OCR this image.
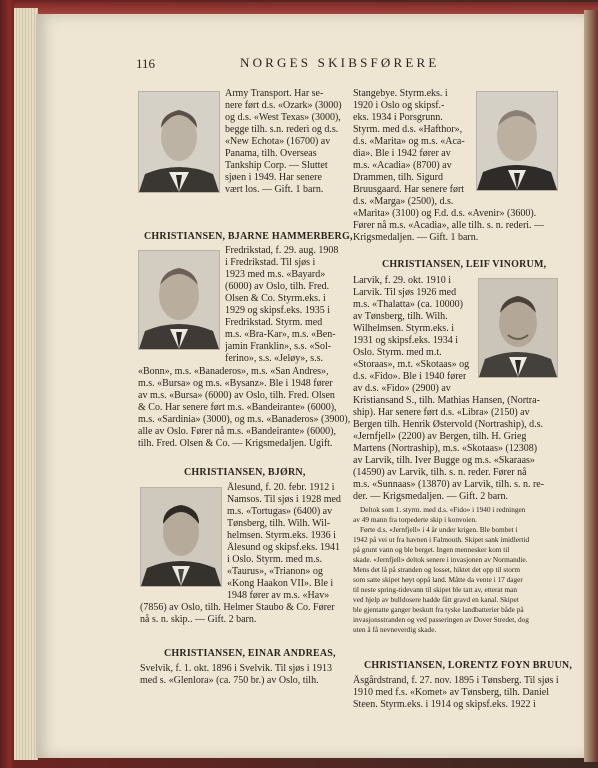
116	NORGES SKIBSFØRERE
Army Transport. Har se-
nere ført d.s. «Ozark» (3000)
og d.s. «West Texas» (3000),
begge tilh. s.n. rederi og d.s.
«New Echota» (16700) av
Panama, tilh. Overseas
Tankship Corp. — Sluttet
sjøen i 1949. Har senere
vært los. — Gift. 1 barn.
CHRISTIANSEN, BJARNE HAMMERBERG,
Fredrikstad, f. 29. aug. 1908
i Fredrikstad. Til sjøs i
1923 med m.s. «Bayard»
(6000) av Oslo, tilh. Fred.
Olsen & Co. Styrm.eks. i
1929 og skipsf.eks. 1935 i
Fredrikstad. Styrm. med
m.s. «Bra-Kar», m.s. «Ben-
jamin Franklin», s.s. «Sol-
ferino», s.s. «Jeløy», s.s.
«Bonn», m.s. «Banaderos», m.s. «San Andres»,
m.s. «Bursa» og m.s. «Bysanz». Ble i 1948 fører
av m.s. «Bursa» (6000) av Oslo, tilh. Fred. Olsen
& Co. Har senere ført m.s. «Bandeirante» (6000),
m.s. «Sardinia» (3000), og m.s. «Banaderos» (3900),
alle av Oslo. Fører nå m.s. «Bandeirante» (6000),
tilh. Fred. Olsen & Co. — Krigsmedaljen. Ugift.
CHRISTIANSEN, BJØRN,
Ålesund, f. 20. febr. 1912 i
Namsos. Til sjøs i 1928 med
m.s. «Tortugas» (6400) av
Tønsberg, tilh. Wilh. Wil-
helmsen. Styrm.eks. 1936 i
Ålesund og skipsf.eks. 1941
i Oslo. Styrm. med m.s.
«Taurus», «Trianon» og
«Kong Haakon VII». Ble i
1948 fører av m.s. «Hav»
(7856) av Oslo, tilh. Helmer Staubo & Co. Fører
nå s. n. skip.. — Gift. 2 barn.
CHRISTIANSEN, EINAR ANDREAS,
Svelvik, f. 1. okt. 1896 i Svelvik. Til sjøs i 1913
med s. «Glenlora» (ca. 750 br.) av Oslo, tilh.
Stangebye. Styrm.eks. i
1920 i Oslo og skipsf.-
eks. 1934 i Porsgrunn.
Styrm. med d.s. «Hafthor»,
d.s. «Marita» og m.s. «Aca-
dia». Ble i 1942 fører av
m.s. «Acadia» (8700) av
Drammen, tilh. Sigurd
Bruusgaard. Har senere ført
d.s. «Marga» (2500), d.s.
«Marita» (3100) og F.d. d.s. «Avenir» (3600).
Fører nå m.s. «Acadia», alle tilh. s. n. rederi. —
Krigsmedaljen. — Gift. 1 barn.
CHRISTIANSEN, LEIF VINORUM,
Larvik, f. 29. okt. 1910 i
Larvik. Til sjøs 1926 med
m.s. «Thalatta» (ca. 10000)
av Tønsberg, tilh. Wilh.
Wilhelmsen. Styrm.eks. i
1931 og skipsf.eks. 1934 i
Oslo. Styrm. med m.t.
«Storaas», m.t. «Skotaas» og
d.s. «Fido». Ble i 1940 fører
av d.s. «Fido» (2900) av
Kristiansand S., tilh. Mathias Hansen, (Nortra-
ship). Har senere ført d.s. «Libra» (2150) av
Bergen tilh. Henrik Østervold (Nortraship), d.s.
«Jernfjell» (2200) av Bergen, tilh. H. Grieg
Martens (Nortraship), m.s. «Skotaas» (12308)
av Larvik, tilh. Iver Bugge og m.s. «Skaraas»
(14590) av Larvik, tilh. s. n. reder. Fører nå
m.s. «Sunnaas» (13870) av Larvik, tilh. s. n. re-
der. — Krigsmedaljen. — Gift. 2 barn.
Deltok som 1. styrm. med d.s. «Fido» i 1940 i redningen
av 49 mann fra torpederte skip i konvoien.
Førte d.s. «Jernfjell» i 4 år under krigen. Ble bombet i
1942 på vei ut fra havnen i Falmouth. Skipet sank imidlertid
på grunt vann og ble berget. Ingen mennesker kom til
skade. «Jernfjell» deltok senere i invasjonen av Normandie.
Mens det lå på stranden og losset, hiktet det opp til storm
som satte skipet høyt oppå land. Måtte da vente i 17 dager
til neste spring-tidevann til skipet ble tatt av, etterat man
ved hjelp av bulldosere hadde fått gravd en kanal. Skipet
ble gjentatte ganger beskutt fra tyske landbatterier både på
invasjonsstranden og ved passeringen av Dover Stredet, dog
uten å få nevneverdig skade.
CHRISTIANSEN, LORENTZ FOYN BRUUN,
Åsgårdstrand, f. 27. nov. 1895 i Tønsberg. Til sjøs i
1910 med f.s. «Komet» av Tønsberg, tilh. Daniel
Steen. Styrm.eks. i 1914 og skipsf.eks. 1922 i
